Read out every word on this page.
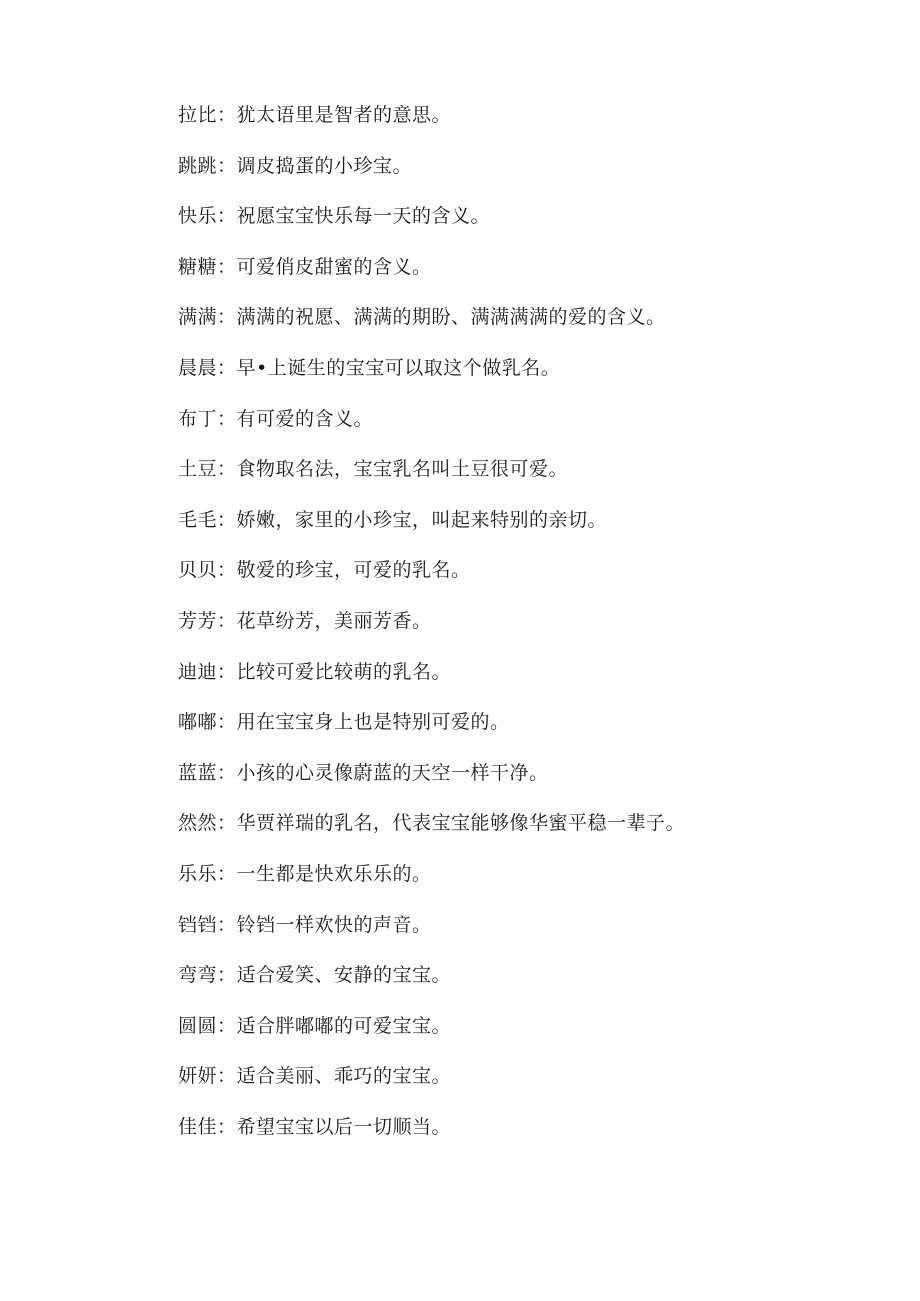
拉比：犹太语里是智者的意思。
跳跳：调皮捣蛋的小珍宝。
快乐：祝愿宝宝快乐每一天的含义。
糖糖：可爱俏皮甜蜜的含义。
满满：满满的祝愿、满满的期盼、满满满满的爱的含义。
晨晨：早•上诞生的宝宝可以取这个做乳名。
布丁：有可爱的含义。
土豆：食物取名法，宝宝乳名叫土豆很可爱。
毛毛：娇嫩，家里的小珍宝，叫起来特别的亲切。
贝贝：敬爱的珍宝，可爱的乳名。
芳芳：花草纷芳，美丽芳香。
迪迪：比较可爱比较萌的乳名。
嘟嘟：用在宝宝身上也是特别可爱的。
蓝蓝：小孩的心灵像蔚蓝的天空一样干净。
然然：华贾祥瑞的乳名，代表宝宝能够像华蜜平稳一辈子。
乐乐：一生都是快欢乐乐的。
铛铛：铃铛一样欢快的声音。
弯弯：适合爱笑、安静的宝宝。
圆圆：适合胖嘟嘟的可爱宝宝。
妍妍：适合美丽、乖巧的宝宝。
佳佳：希望宝宝以后一切顺当。
